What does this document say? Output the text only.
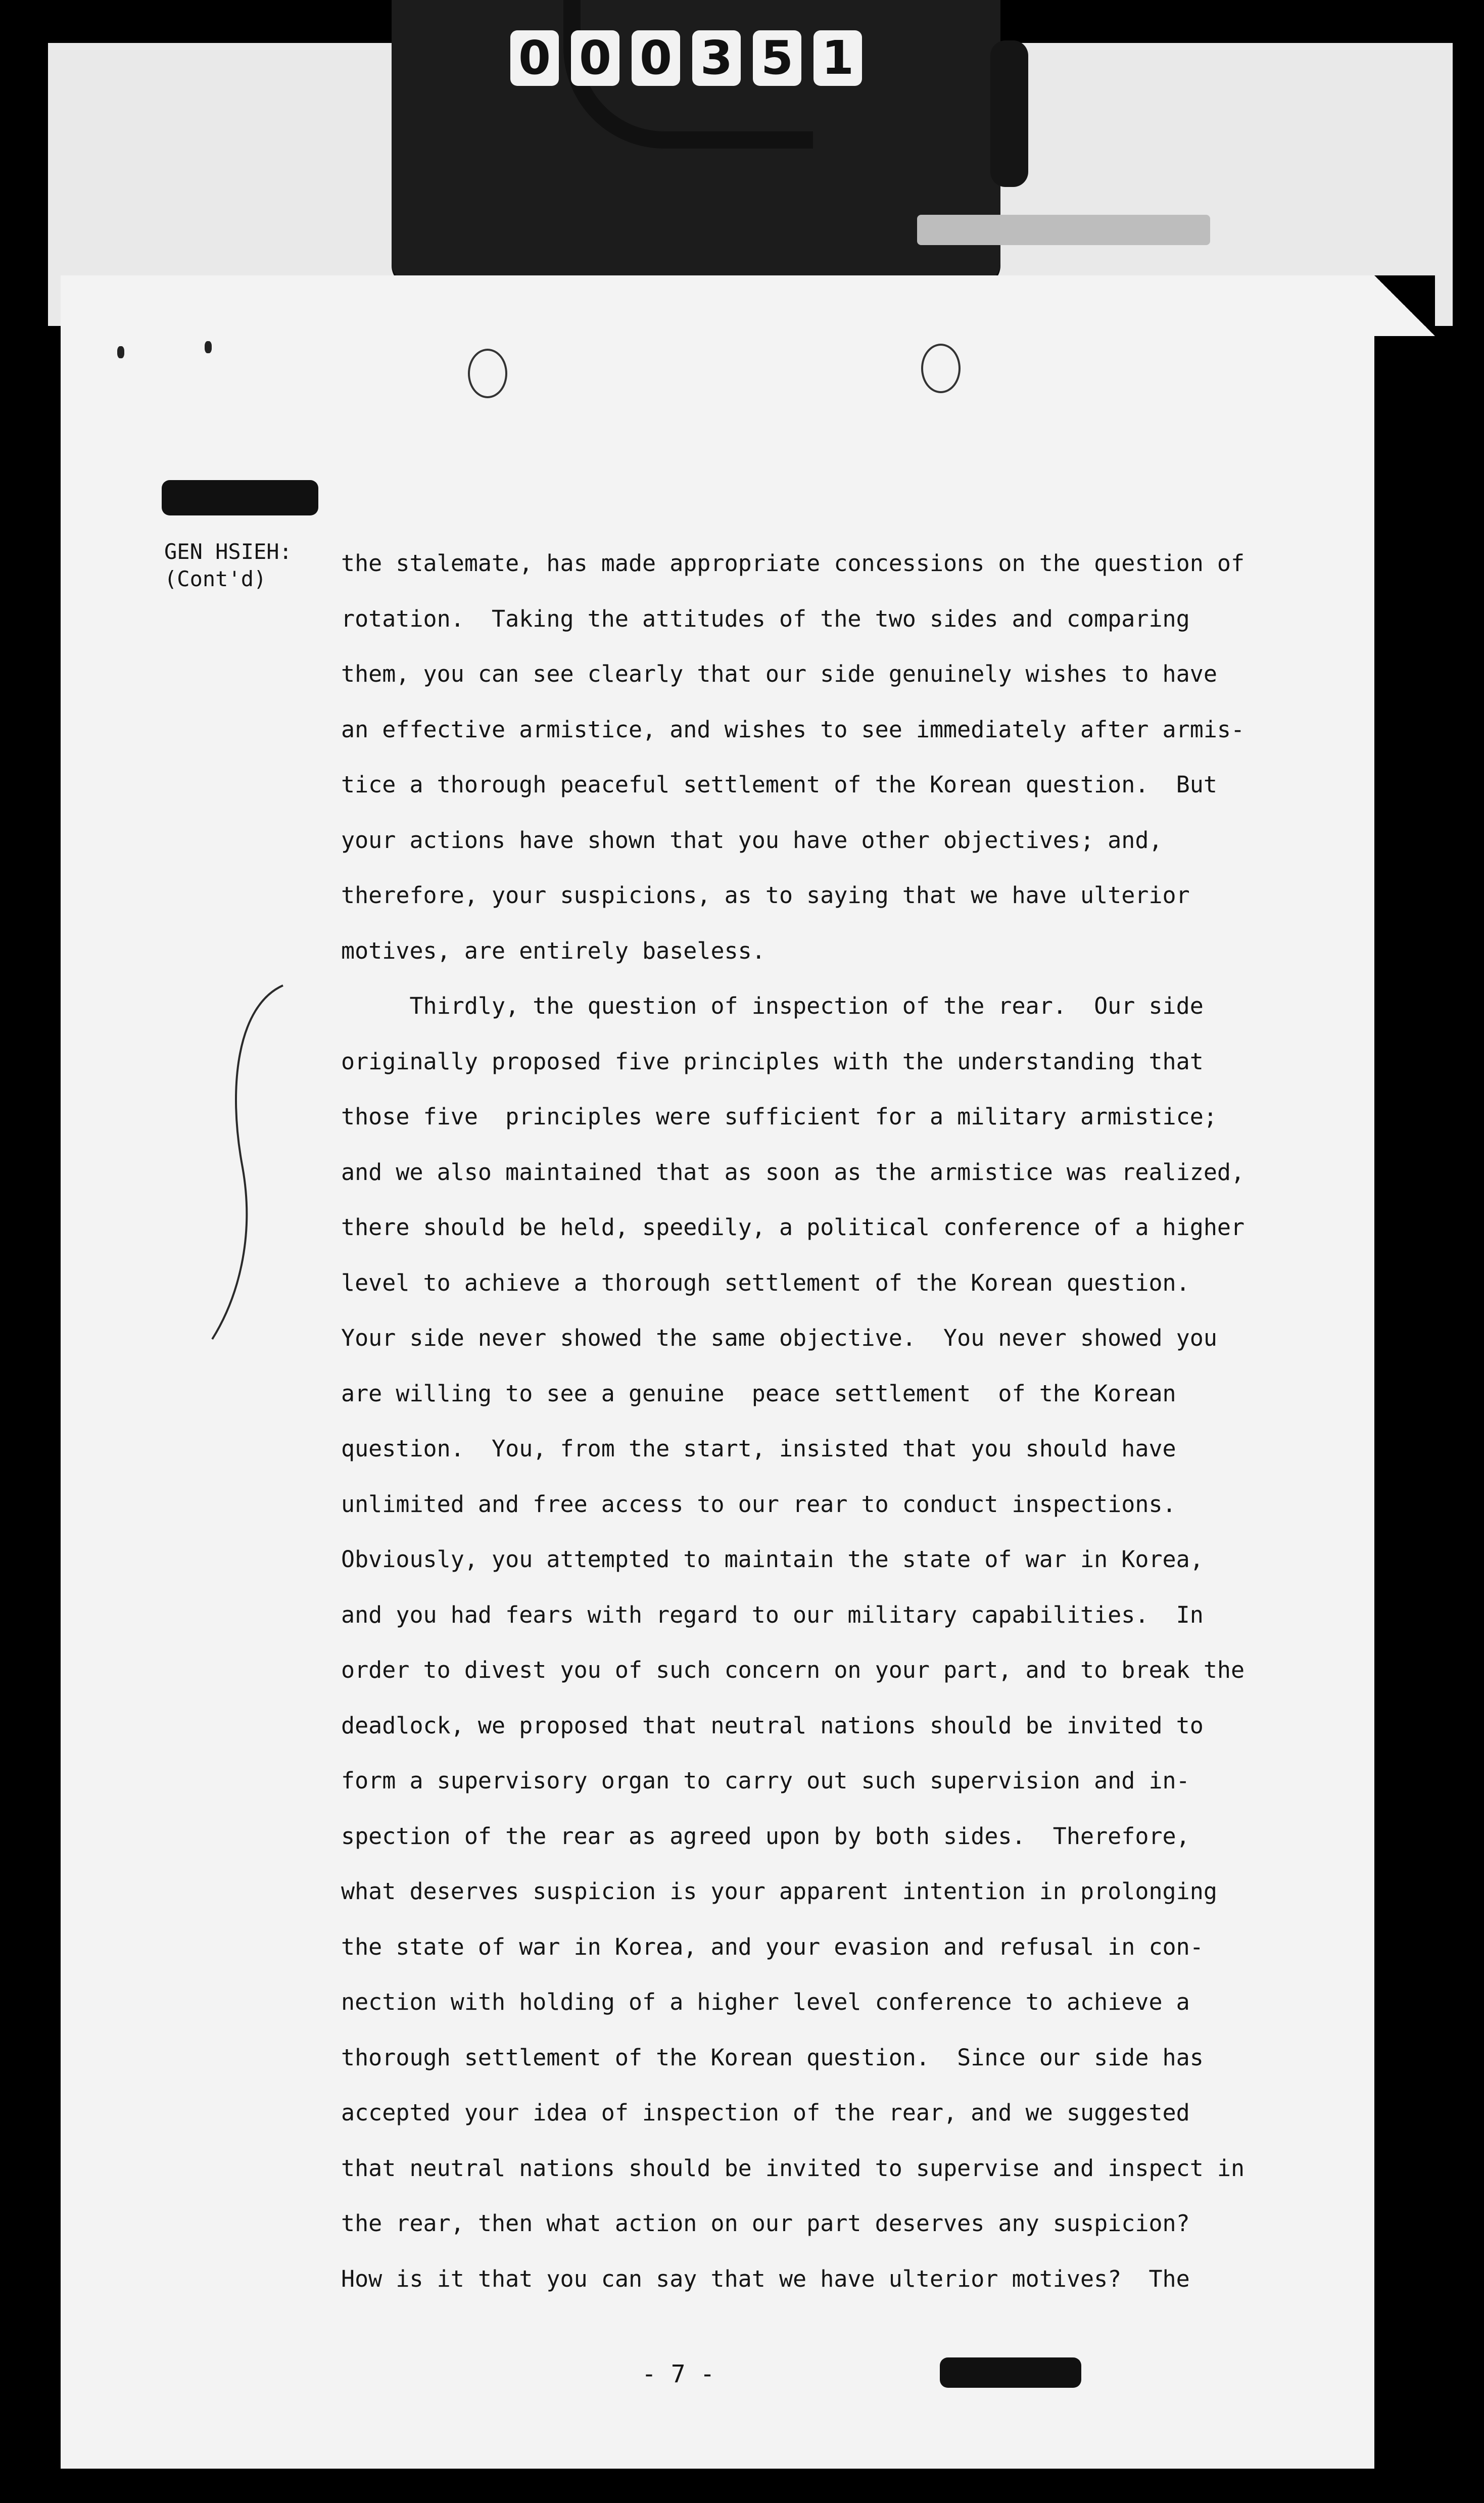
0 0 0 3 5 1
GEN HSIEH:
(Cont'd)
the stalemate, has made appropriate concessions on the question of
rotation.  Taking the attitudes of the two sides and comparing
them, you can see clearly that our side genuinely wishes to have
an effective armistice, and wishes to see immediately after armis-
tice a thorough peaceful settlement of the Korean question.  But
your actions have shown that you have other objectives; and,
therefore, your suspicions, as to saying that we have ulterior
motives, are entirely baseless.
Thirdly, the question of inspection of the rear.  Our side
originally proposed five principles with the understanding that
those five  principles were sufficient for a military armistice;
and we also maintained that as soon as the armistice was realized,
there should be held, speedily, a political conference of a higher
level to achieve a thorough settlement of the Korean question.
Your side never showed the same objective.  You never showed you
are willing to see a genuine  peace settlement  of the Korean
question.  You, from the start, insisted that you should have
unlimited and free access to our rear to conduct inspections.
Obviously, you attempted to maintain the state of war in Korea,
and you had fears with regard to our military capabilities.  In
order to divest you of such concern on your part, and to break the
deadlock, we proposed that neutral nations should be invited to
form a supervisory organ to carry out such supervision and in-
spection of the rear as agreed upon by both sides.  Therefore,
what deserves suspicion is your apparent intention in prolonging
the state of war in Korea, and your evasion and refusal in con-
nection with holding of a higher level conference to achieve a
thorough settlement of the Korean question.  Since our side has
accepted your idea of inspection of the rear, and we suggested
that neutral nations should be invited to supervise and inspect in
the rear, then what action on our part deserves any suspicion?
How is it that you can say that we have ulterior motives?  The
- 7 -
